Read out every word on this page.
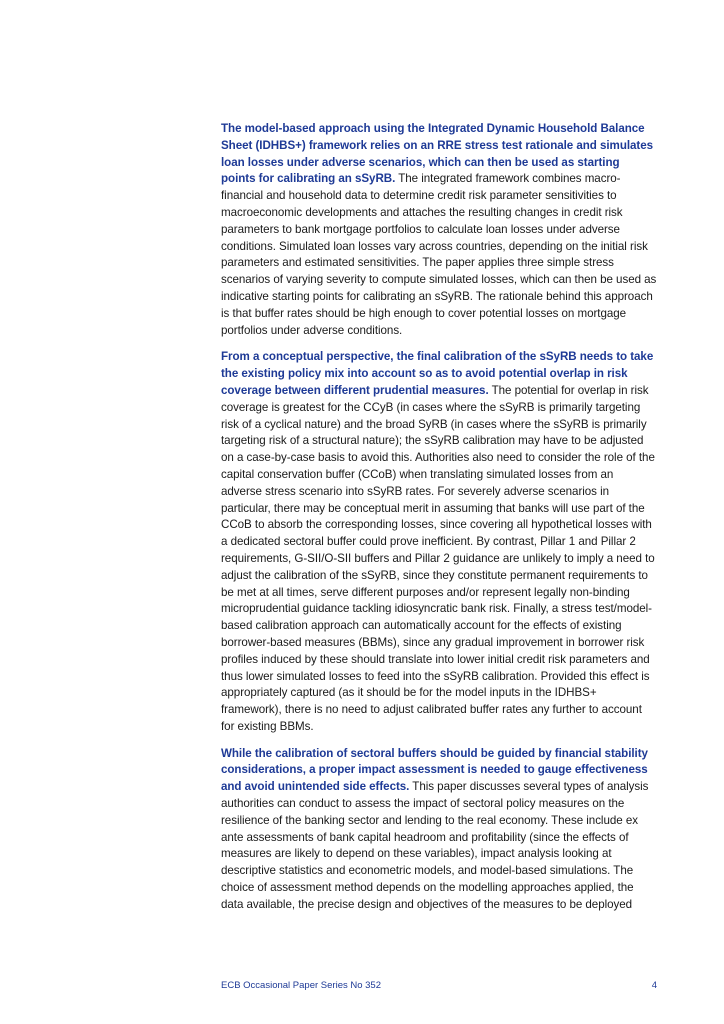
The model-based approach using the Integrated Dynamic Household Balance Sheet (IDHBS+) framework relies on an RRE stress test rationale and simulates loan losses under adverse scenarios, which can then be used as starting points for calibrating an sSyRB. The integrated framework combines macro-financial and household data to determine credit risk parameter sensitivities to macroeconomic developments and attaches the resulting changes in credit risk parameters to bank mortgage portfolios to calculate loan losses under adverse conditions. Simulated loan losses vary across countries, depending on the initial risk parameters and estimated sensitivities. The paper applies three simple stress scenarios of varying severity to compute simulated losses, which can then be used as indicative starting points for calibrating an sSyRB. The rationale behind this approach is that buffer rates should be high enough to cover potential losses on mortgage portfolios under adverse conditions.

From a conceptual perspective, the final calibration of the sSyRB needs to take the existing policy mix into account so as to avoid potential overlap in risk coverage between different prudential measures. The potential for overlap in risk coverage is greatest for the CCyB (in cases where the sSyRB is primarily targeting risk of a cyclical nature) and the broad SyRB (in cases where the sSyRB is primarily targeting risk of a structural nature); the sSyRB calibration may have to be adjusted on a case-by-case basis to avoid this. Authorities also need to consider the role of the capital conservation buffer (CCoB) when translating simulated losses from an adverse stress scenario into sSyRB rates. For severely adverse scenarios in particular, there may be conceptual merit in assuming that banks will use part of the CCoB to absorb the corresponding losses, since covering all hypothetical losses with a dedicated sectoral buffer could prove inefficient. By contrast, Pillar 1 and Pillar 2 requirements, G-SII/O-SII buffers and Pillar 2 guidance are unlikely to imply a need to adjust the calibration of the sSyRB, since they constitute permanent requirements to be met at all times, serve different purposes and/or represent legally non-binding microprudential guidance tackling idiosyncratic bank risk. Finally, a stress test/model-based calibration approach can automatically account for the effects of existing borrower-based measures (BBMs), since any gradual improvement in borrower risk profiles induced by these should translate into lower initial credit risk parameters and thus lower simulated losses to feed into the sSyRB calibration. Provided this effect is appropriately captured (as it should be for the model inputs in the IDHBS+ framework), there is no need to adjust calibrated buffer rates any further to account for existing BBMs.

While the calibration of sectoral buffers should be guided by financial stability considerations, a proper impact assessment is needed to gauge effectiveness and avoid unintended side effects. This paper discusses several types of analysis authorities can conduct to assess the impact of sectoral policy measures on the resilience of the banking sector and lending to the real economy. These include ex ante assessments of bank capital headroom and profitability (since the effects of measures are likely to depend on these variables), impact analysis looking at descriptive statistics and econometric models, and model-based simulations. The choice of assessment method depends on the modelling approaches applied, the data available, the precise design and objectives of the measures to be deployed

ECB Occasional Paper Series No 352	4
